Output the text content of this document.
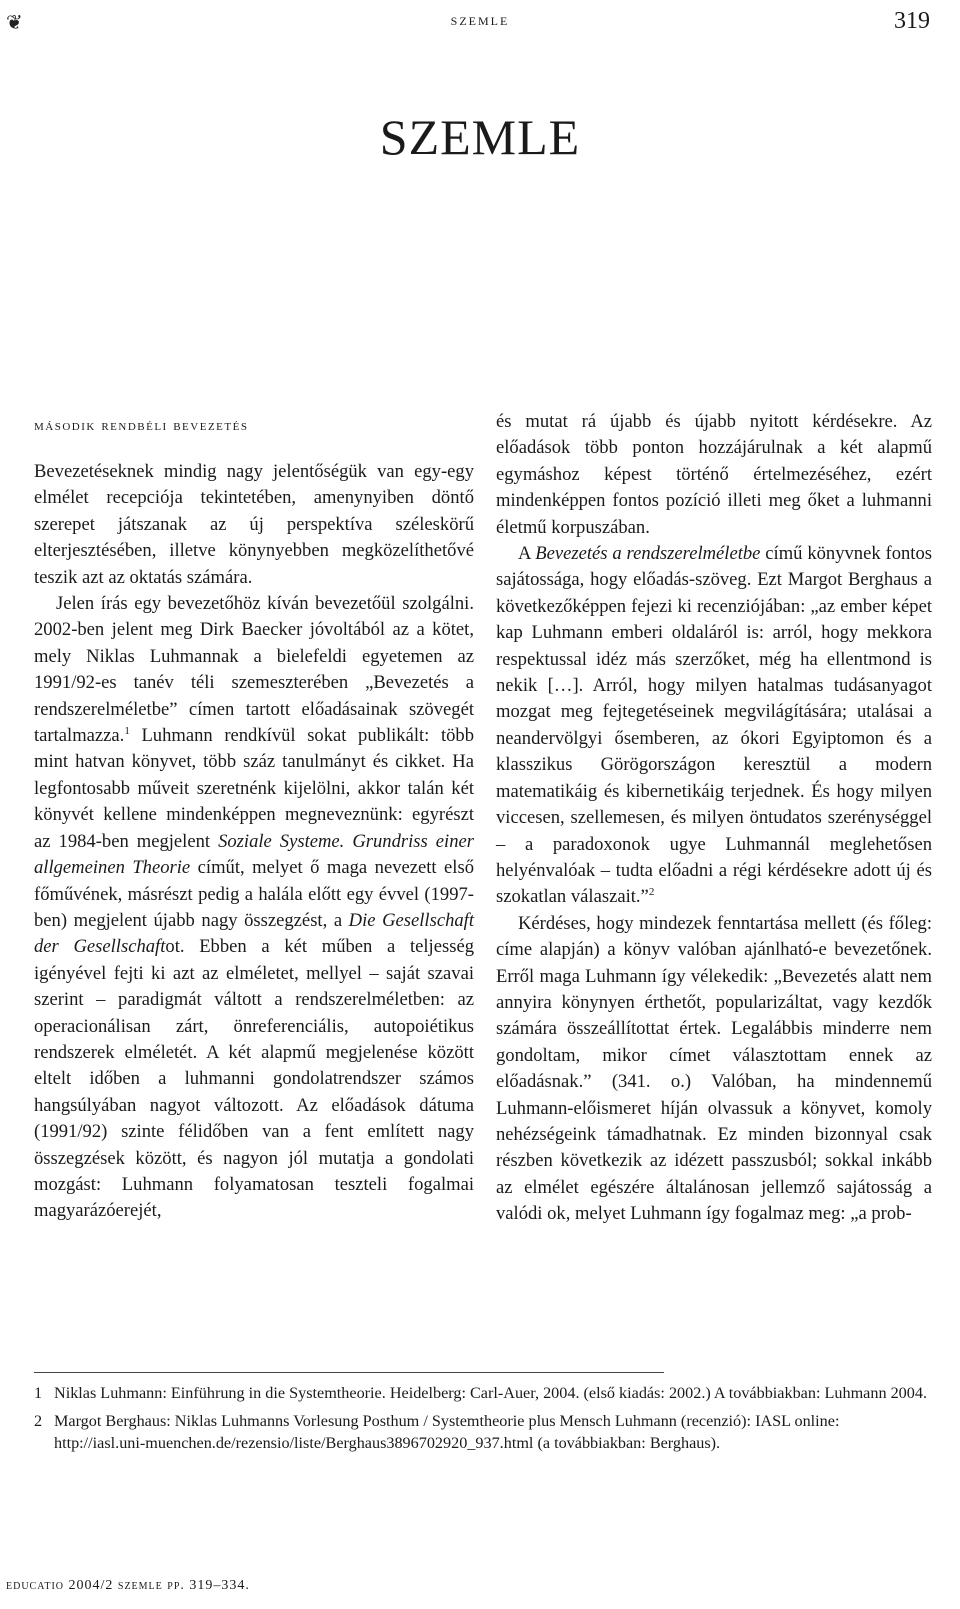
❦	szemle	319
SZEMLE
második rendbéli bevezetés

Bevezetéseknek mindig nagy jelentőségük van egy-egy elmélet recepciója tekintetében, amenynyiben döntő szerepet játszanak az új perspektíva széleskörű elterjesztésében, illetve könynyebben megközelíthetővé teszik azt az oktatás számára.

Jelen írás egy bevezetőhöz kíván bevezetőül szolgálni. 2002-ben jelent meg Dirk Baecker jóvoltából az a kötet, mely Niklas Luhmannak a bielefeldi egyetemen az 1991/92-es tanév téli szemeszterében „Bevezetés a rendszerelméletbe” címen tartott előadásainak szövegét tartalmazza.$^1$ Luhmann rendkívül sokat publikált: több mint hatvan könyvet, több száz tanulmányt és cikket. Ha legfontosabb műveit szeretnénk kijelölni, akkor talán két könyvét kellene mindenképpen megneveznünk: egyrészt az 1984-ben megjelent Soziale Systeme. Grundriss einer allgemeinen Theorie címűt, melyet ő maga nevezett első főművének, másrészt pedig a halála előtt egy évvel (1997-ben) megjelent újabb nagy összegzést, a Die Gesellschaft der Gesellschaftot. Ebben a két műben a teljesség igényével fejti ki azt az elméletet, mellyel – saját szavai szerint – paradigmát váltott a rendszerelméletben: az operacionálisan zárt, önreferenciális, autopoiétikus rendszerek elméletét. A két alapmű megjelenése között eltelt időben a luhmanni gondolatrendszer számos hangsúlyában nagyot változott. Az előadások dátuma (1991/92) szinte félidőben van a fent említett nagy összegzések között, és nagyon jól mutatja a gondolati mozgást: Luhmann folyamatosan teszteli fogalmai magyarázóerejét,

és mutat rá újabb és újabb nyitott kérdésekre. Az előadások több ponton hozzájárulnak a két alapmű egymáshoz képest történő értelmezéséhez, ezért mindenképpen fontos pozíció illeti meg őket a luhmanni életmű korpuszában.

A Bevezetés a rendszerelméletbe című könyvnek fontos sajátossága, hogy előadás-szöveg. Ezt Margot Berghaus a következőképpen fejezi ki recenziójában: „az ember képet kap Luhmann emberi oldaláról is: arról, hogy mekkora respektussal idéz más szerzőket, még ha ellentmond is nekik […]. Arról, hogy milyen hatalmas tudásanyagot mozgat meg fejtegetéseinek megvilágítására; utalásai a neandervölgyi ősemberen, az ókori Egyiptomon és a klasszikus Görögországon keresztül a modern matematikáig és kibernetikáig terjednek. És hogy milyen viccesen, szellemesen, és milyen öntudatos szerénységgel – a paradoxonok ugye Luhmannál meglehetősen helyénvalóak – tudta előadni a régi kérdésekre adott új és szokatlan válaszait.”$^2$

Kérdéses, hogy mindezek fenntartása mellett (és főleg: címe alapján) a könyv valóban ajánlható-e bevezetőnek. Erről maga Luhmann így vélekedik: „Bevezetés alatt nem annyira könynyen érthetőt, popularizáltat, vagy kezdők számára összeállítottat értek. Legalábbis minderre nem gondoltam, mikor címet választottam ennek az előadásnak.” (341. o.) Valóban, ha mindennemű Luhmann-előismeret híján olvassuk a könyvet, komoly nehézségeink támadhatnak. Ez minden bizonnyal csak részben következik az idézett passzusból; sokkal inkább az elmélet egészére általánosan jellemző sajátosság a valódi ok, melyet Luhmann így fogalmaz meg: „a prob-

1 Niklas Luhmann: Einführung in die Systemtheorie. Heidelberg: Carl-Auer, 2004. (első kiadás: 2002.) A továbbiakban: Luhmann 2004.
2 Margot Berghaus: Niklas Luhmanns Vorlesung Posthum / Systemtheorie plus Mensch Luhmann (recenzió): IASL online: http://iasl.uni-muenchen.de/rezensio/liste/Berghaus3896702920_937.html (a továbbiakban: Berghaus).
educatio 2004/2 szemle pp. 319–334.
